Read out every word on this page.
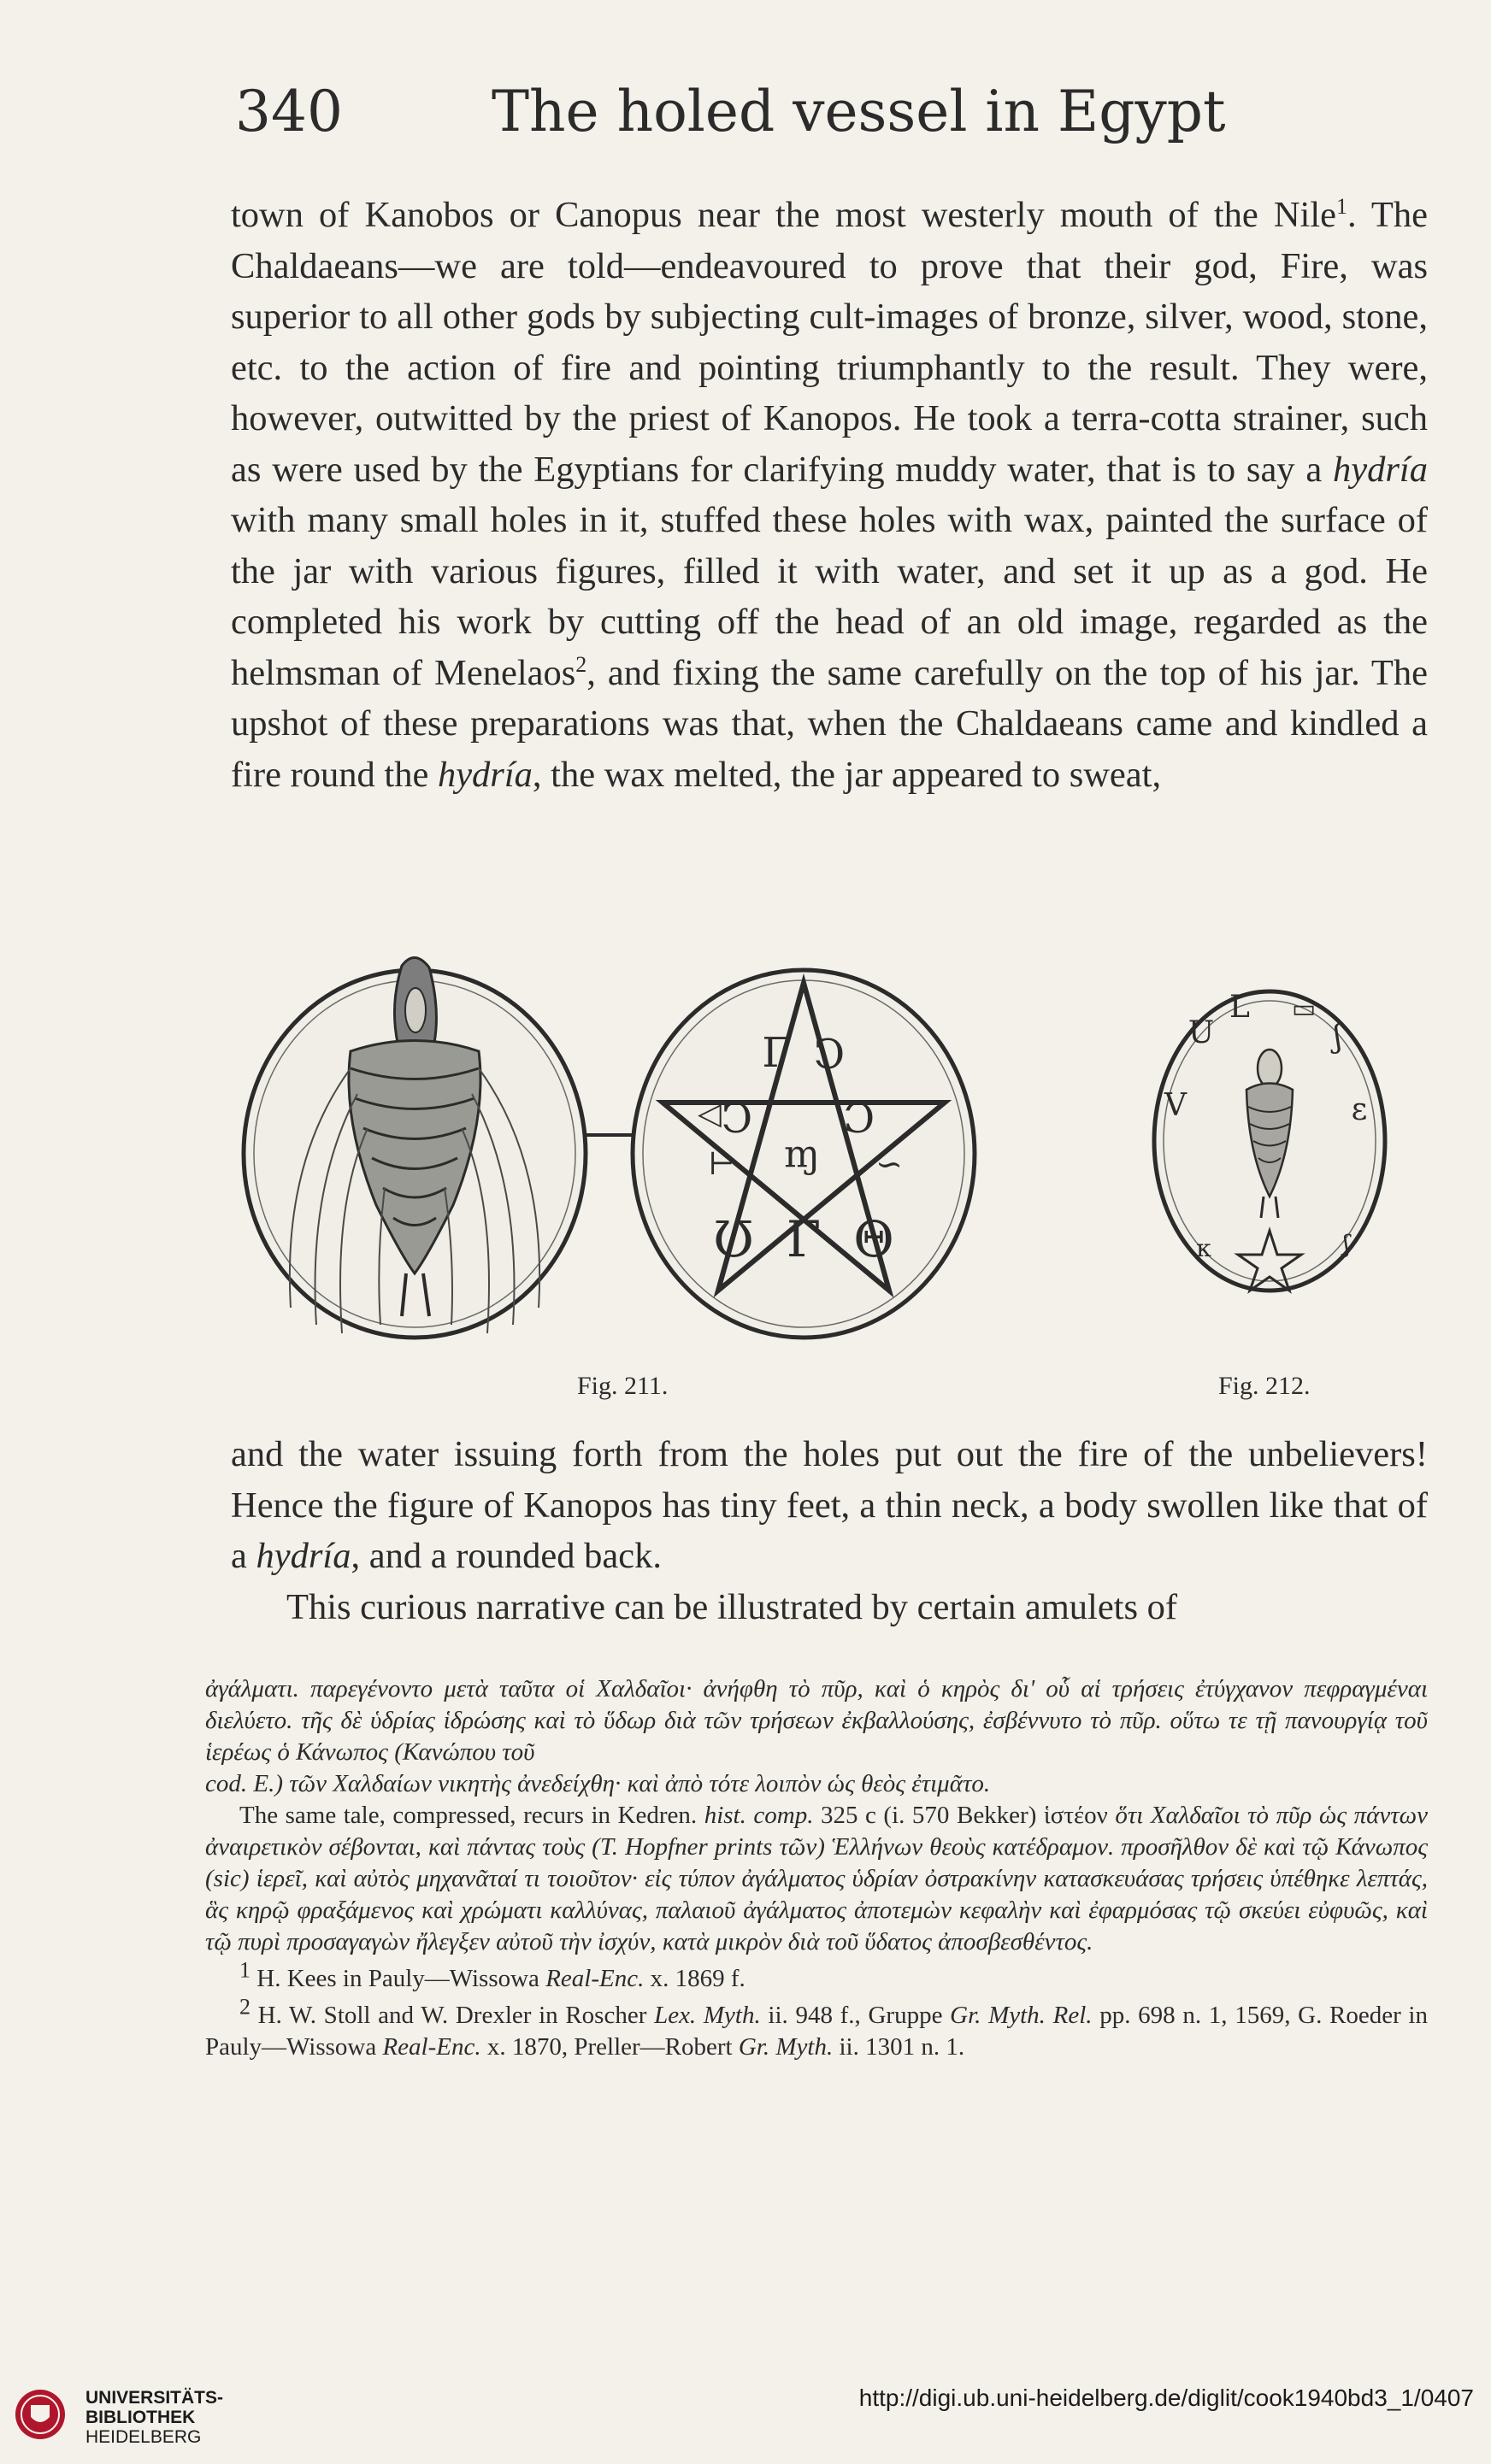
340	The holed vessel in Egypt

town of Kanobos or Canopus near the most westerly mouth of the Nile$^1$. The Chaldaeans—we are told—endeavoured to prove that their god, Fire, was superior to all other gods by subjecting cult-images of bronze, silver, wood, stone, etc. to the action of fire and pointing triumphantly to the result. They were, however, outwitted by the priest of Kanopos. He took a terra-cotta strainer, such as were used by the Egyptians for clarifying muddy water, that is to say a hydría with many small holes in it, stuffed these holes with wax, painted the surface of the jar with various figures, filled it with water, and set it up as a god. He completed his work by cutting off the head of an old image, regarded as the helmsman of Menelaos$^2$, and fixing the same carefully on the top of his jar. The upshot of these preparations was that, when the Chaldaeans came and kindled a fire round the hydría, the wax melted, the jar appeared to sweat,

Γ Ͻ
Ͻ Ɔ
◁
ɱ
⊢	∽
Ʊ Γ Θ
U
L ▭
ʃ
V	ɛ
κ	ʃ
Fig. 211.	Fig. 212.

and the water issuing forth from the holes put out the fire of the unbelievers! Hence the figure of Kanopos has tiny feet, a thin neck, a body swollen like that of a hydría, and a rounded back.

This curious narrative can be illustrated by certain amulets of

ἀγάλματι. παρεγένοντο μετὰ ταῦτα οἱ Χαλδαῖοι· ἀνήφθη τὸ πῦρ, καὶ ὁ κηρὸς δι' οὗ αἱ τρήσεις ἐτύγχανον πεφραγμέναι διελύετο. τῆς δὲ ὑδρίας ἱδρώσης καὶ τὸ ὕδωρ διὰ τῶν τρήσεων ἐκβαλλούσης, ἐσβέννυτο τὸ πῦρ. οὕτω τε τῇ πανουργίᾳ τοῦ ἱερέως ὁ Κάνωπος (Κανώπου τοῦ

cod. E.) τῶν Χαλδαίων νικητὴς ἀνεδείχθη· καὶ ἀπὸ τότε λοιπὸν ὡς θεὸς ἐτιμᾶτο.

The same tale, compressed, recurs in Kedren. hist. comp. 325 c (i. 570 Bekker) ἱστέον ὅτι Χαλδαῖοι τὸ πῦρ ὡς πάντων ἀναιρετικὸν σέβονται, καὶ πάντας τοὺς (T. Hopfner prints τῶν) Ἑλλήνων θεοὺς κατέδραμον. προσῆλθον δὲ καὶ τῷ Κάνωπος (sic) ἱερεῖ, καὶ αὐτὸς μηχανᾶταί τι τοιοῦτον· εἰς τύπον ἀγάλματος ὑδρίαν ὀστρακίνην κατασκευάσας τρήσεις ὑπέθηκε λεπτάς, ἃς κηρῷ φραξάμενος καὶ χρώματι καλλύνας, παλαιοῦ ἀγάλματος ἀποτεμὼν κεφαλὴν καὶ ἐφαρμόσας τῷ σκεύει εὐφυῶς, καὶ τῷ πυρὶ προσαγαγὼν ἤλεγξεν αὐτοῦ τὴν ἰσχύν, κατὰ μικρὸν διὰ τοῦ ὕδατος ἀποσβεσθέντος.

$^1$ H. Kees in Pauly—Wissowa Real-Enc. x. 1869 f.

$^2$ H. W. Stoll and W. Drexler in Roscher Lex. Myth. ii. 948 f., Gruppe Gr. Myth. Rel. pp. 698 n. 1, 1569, G. Roeder in Pauly—Wissowa Real-Enc. x. 1870, Preller—Robert Gr. Myth. ii. 1301 n. 1.

UNIVERSITÄTS-
BIBLIOTHEK
HEIDELBERG
http://digi.ub.uni-heidelberg.de/diglit/cook1940bd3_1/0407
